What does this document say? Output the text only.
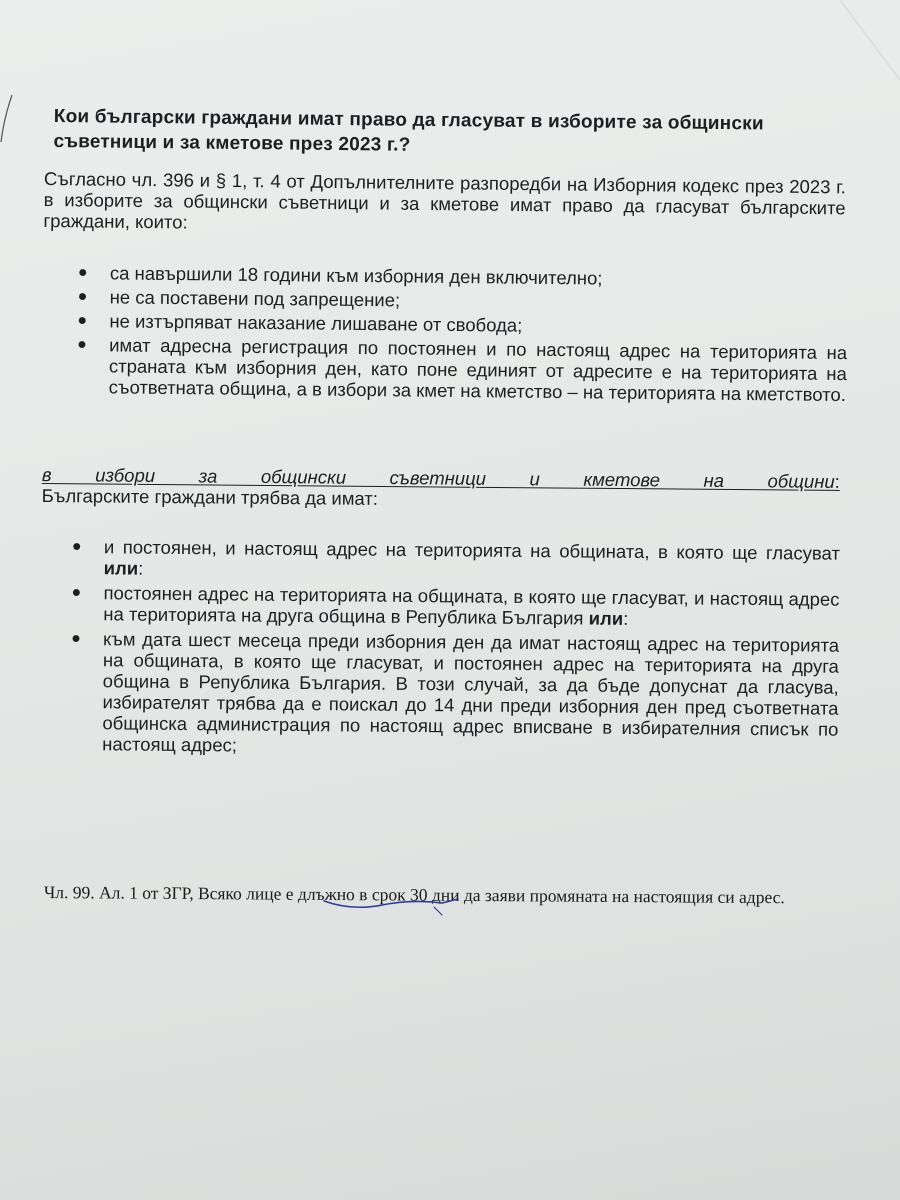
Кои български граждани имат право да гласуват в изборите за общински съветници и за кметове през 2023 г.?
Съгласно чл. 396 и § 1, т. 4 от Допълнителните разпоредби на Изборния кодекс през 2023 г. в изборите за общински съветници и за кметове имат право да гласуват българските граждани, които:
● са навършили 18 години към изборния ден включително;
● не са поставени под запрещение;
● не изтърпяват наказание лишаване от свобода;
● имат адресна регистрация по постоянен и по настоящ адрес на територията на страната към изборния ден, като поне единият от адресите е на територията на съответната община, а в избори за кмет на кметство – на територията на кметството.
в избори за общински съветници и кметове на общини:
Българските граждани трябва да имат:
● и постоянен, и настоящ адрес на територията на общината, в която ще гласуват или:
● постоянен адрес на територията на общината, в която ще гласуват, и настоящ адрес на територията на друга община в Република България или:
● към дата шест месеца преди изборния ден да имат настоящ адрес на територията на общината, в която ще гласуват, и постоянен адрес на територията на друга община в Република България. В този случай, за да бъде допуснат да гласува, избирателят трябва да е поискал до 14 дни преди изборния ден пред съответната общинска администрация по настоящ адрес вписване в избирателния списък по настоящ адрес;
Чл. 99. Ал. 1 от ЗГР, Всяко лице е длъжно в срок 30 дни да заяви промяната на настоящия си адрес.
